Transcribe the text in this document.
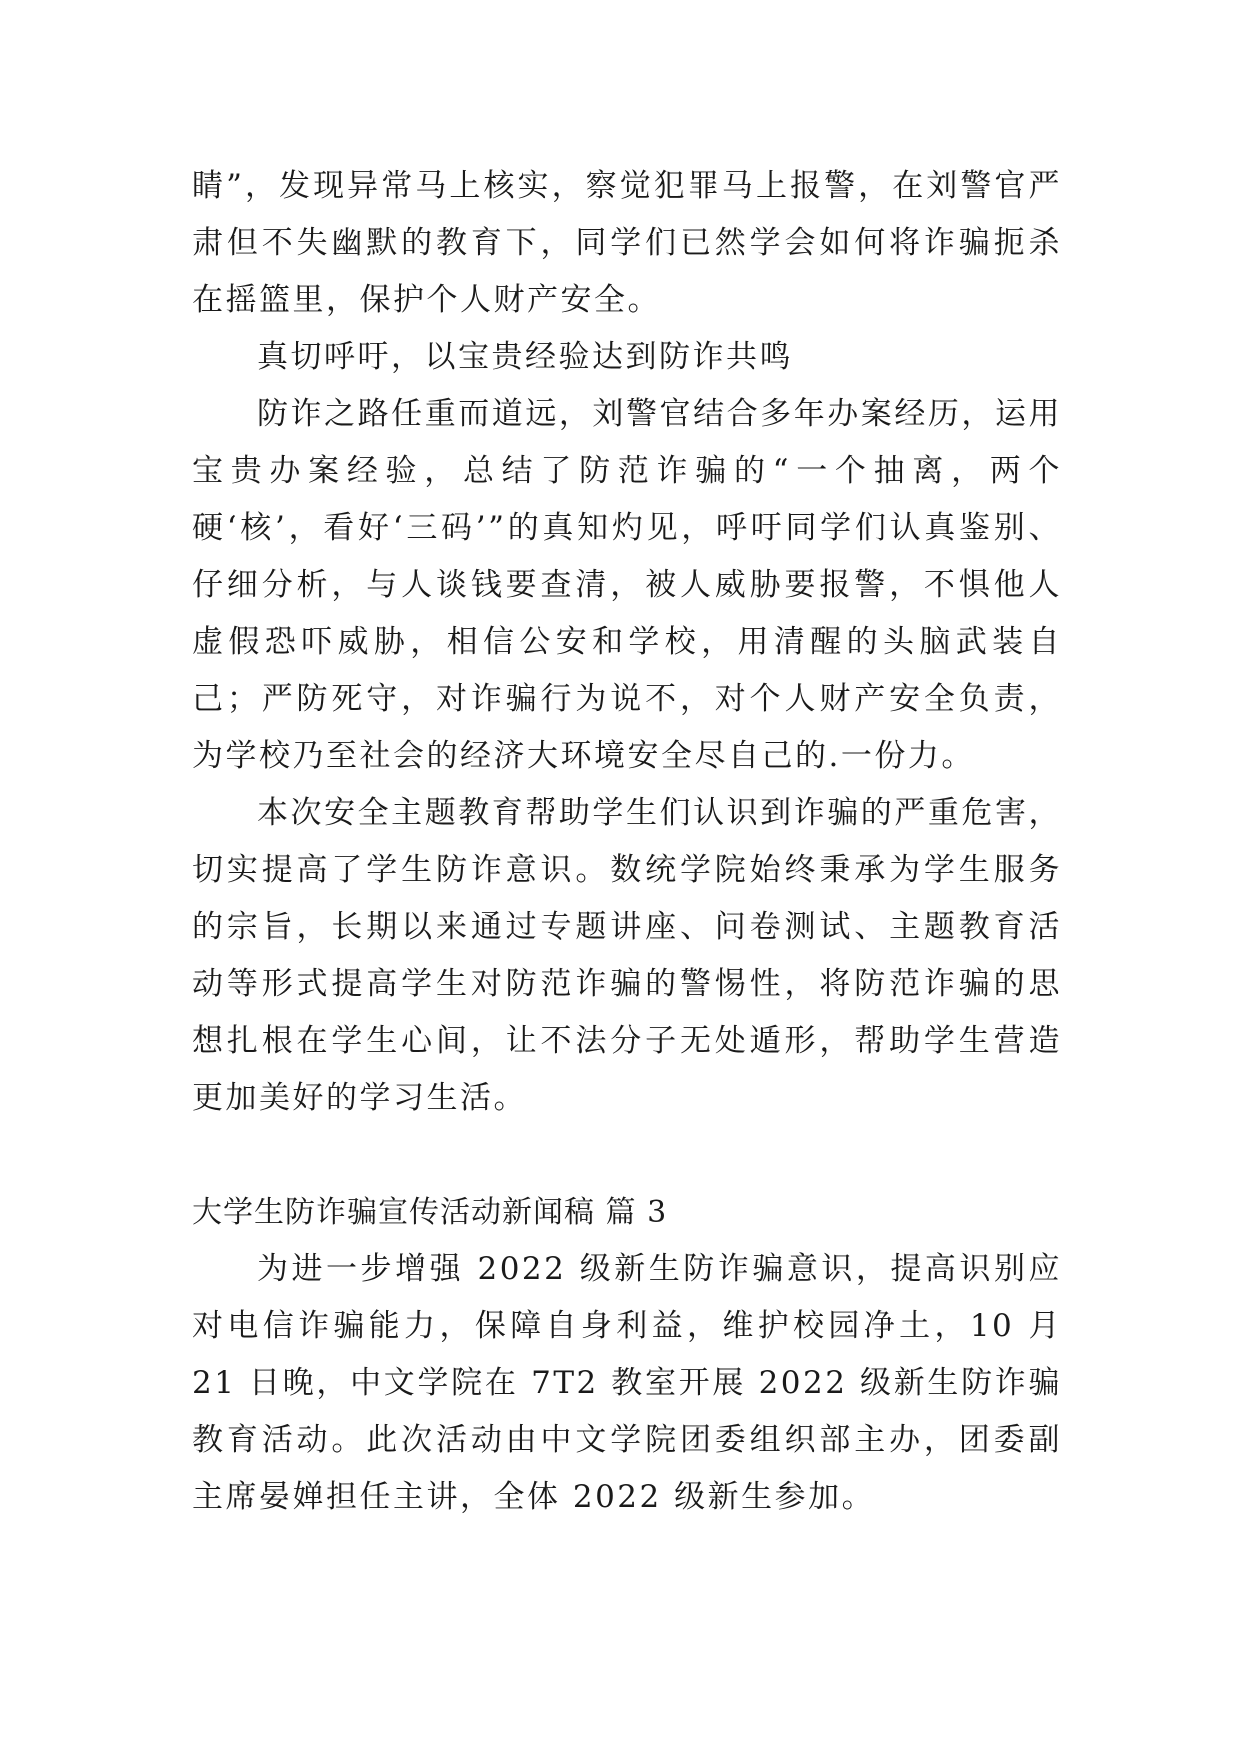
睛”，发现异常马上核实，察觉犯罪马上报警，在刘警官严肃但不失幽默的教育下，同学们已然学会如何将诈骗扼杀在摇篮里，保护个人财产安全。

真切呼吁，以宝贵经验达到防诈共鸣

防诈之路任重而道远，刘警官结合多年办案经历，运用宝贵办案经验，总结了防范诈骗的“一个抽离，两个硬‘核’，看好‘三码’”的真知灼见，呼吁同学们认真鉴别、仔细分析，与人谈钱要查清，被人威胁要报警，不惧他人虚假恐吓威胁，相信公安和学校，用清醒的头脑武装自己；严防死守，对诈骗行为说不，对个人财产安全负责，为学校乃至社会的经济大环境安全尽自己的.一份力。

本次安全主题教育帮助学生们认识到诈骗的严重危害，切实提高了学生防诈意识。数统学院始终秉承为学生服务的宗旨，长期以来通过专题讲座、问卷测试、主题教育活动等形式提高学生对防范诈骗的警惕性，将防范诈骗的思想扎根在学生心间，让不法分子无处遁形，帮助学生营造更加美好的学习生活。

大学生防诈骗宣传活动新闻稿 篇 3

为进一步增强 2022 级新生防诈骗意识，提高识别应对电信诈骗能力，保障自身利益，维护校园净土，10 月 21 日晚，中文学院在 7T2 教室开展 2022 级新生防诈骗教育活动。此次活动由中文学院团委组织部主办，团委副主席晏婵担任主讲，全体 2022 级新生参加。
